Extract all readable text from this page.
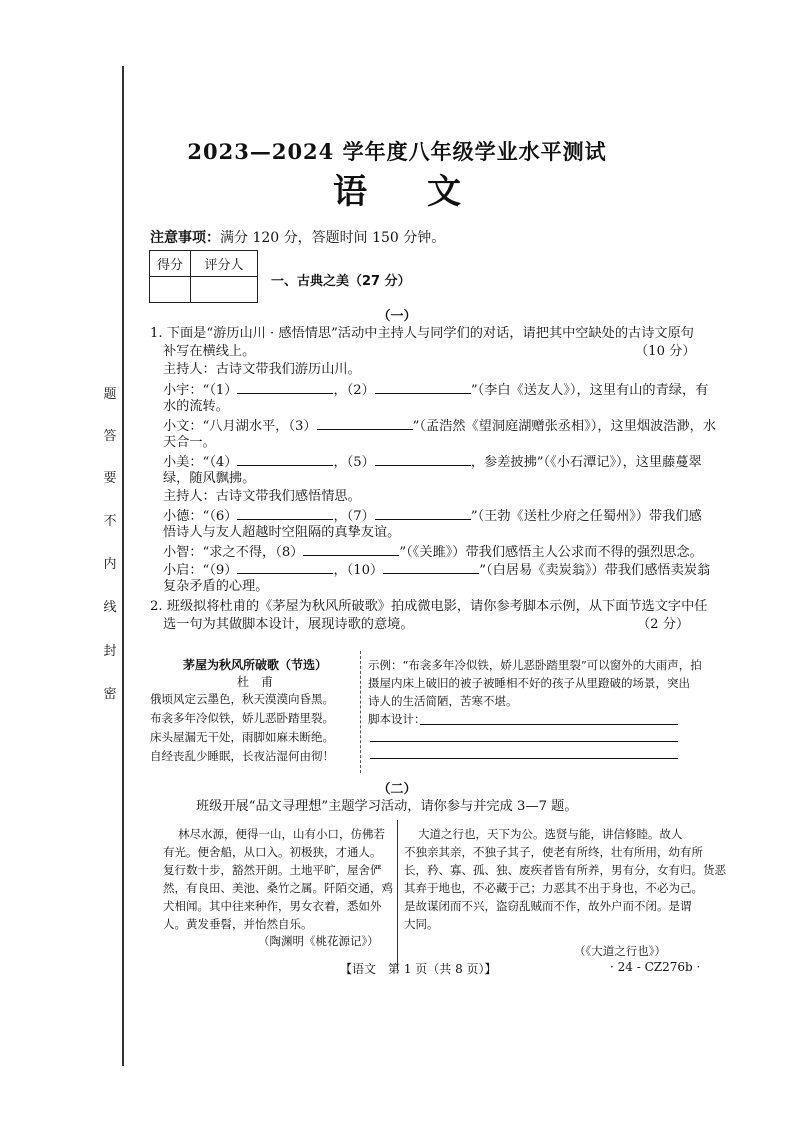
题
答
要
不
内
线
封
密
2023—2024 学年度八年级学业水平测试
语文
注意事项：满分 120 分，答题时间 150 分钟。
得分	评分人

一、古典之美（27 分）
（一）
1. 下面是“游历山川 · 感悟情思”活动中主持人与同学们的对话，请把其中空缺处的古诗文原句
补写在横线上。	（10 分）
主持人：古诗文带我们游历山川。
小宇：“（1）	，（2）	”（李白《送友人》），这里有山的青绿，有
水的流转。
小文：“八月湖水平，（3）	”（孟浩然《望洞庭湖赠张丞相》），这里烟波浩渺，水
天合一。
小美：“（4）	，（5）	，参差披拂”（《小石潭记》），这里藤蔓翠
绿，随风飘拂。
主持人：古诗文带我们感悟情思。
小德：“（6）	，（7）	”（王勃《送杜少府之任蜀州》）带我们感
悟诗人与友人超越时空阻隔的真挚友谊。
小智：“求之不得，（8）	”（《关雎》）带我们感悟主人公求而不得的强烈思念。
小启：“（9）	，（10）	”（白居易《卖炭翁》）带我们感悟卖炭翁
复杂矛盾的心理。
2. 班级拟将杜甫的《茅屋为秋风所破歌》拍成微电影，请你参考脚本示例，从下面节选文字中任
选一句为其做脚本设计，展现诗歌的意境。	（2 分）
茅屋为秋风所破歌（节选）
杜　甫
俄顷风定云墨色，秋天漠漠向昏黑。
布衾多年冷似铁，娇儿恶卧踏里裂。
床头屋漏无干处，雨脚如麻未断绝。
自经丧乱少睡眠，长夜沾湿何由彻！
示例：“布衾多年冷似铁，娇儿恶卧踏里裂”可以窗外的大雨声，拍
摄屋内床上破旧的被子被睡相不好的孩子从里蹬破的场景，突出
诗人的生活简陋，苦寒不堪。
脚本设计：
（二）
班级开展“品文寻理想”主题学习活动，请你参与并完成 3—7 题。
林尽水源，便得一山，山有小口，仿佛若
有光。便舍船，从口入。初极狭，才通人。
复行数十步，豁然开朗。土地平旷，屋舍俨
然，有良田、美池、桑竹之属。阡陌交通，鸡
犬相闻。其中往来种作，男女衣着，悉如外
人。黄发垂髫，并怡然自乐。
（陶渊明《桃花源记》）
大道之行也，天下为公。选贤与能，讲信修睦。故人
不独亲其亲，不独子其子，使老有所终，壮有所用，幼有所
长，矜、寡、孤、独、废疾者皆有所养，男有分，女有归。货恶
其弃于地也，不必藏于己；力恶其不出于身也，不必为己。
是故谋闭而不兴，盗窃乱贼而不作，故外户而不闭。是谓
大同。
（《大道之行也》）
【语文　第 1 页（共 8 页）】	· 24 - CZ276b ·
